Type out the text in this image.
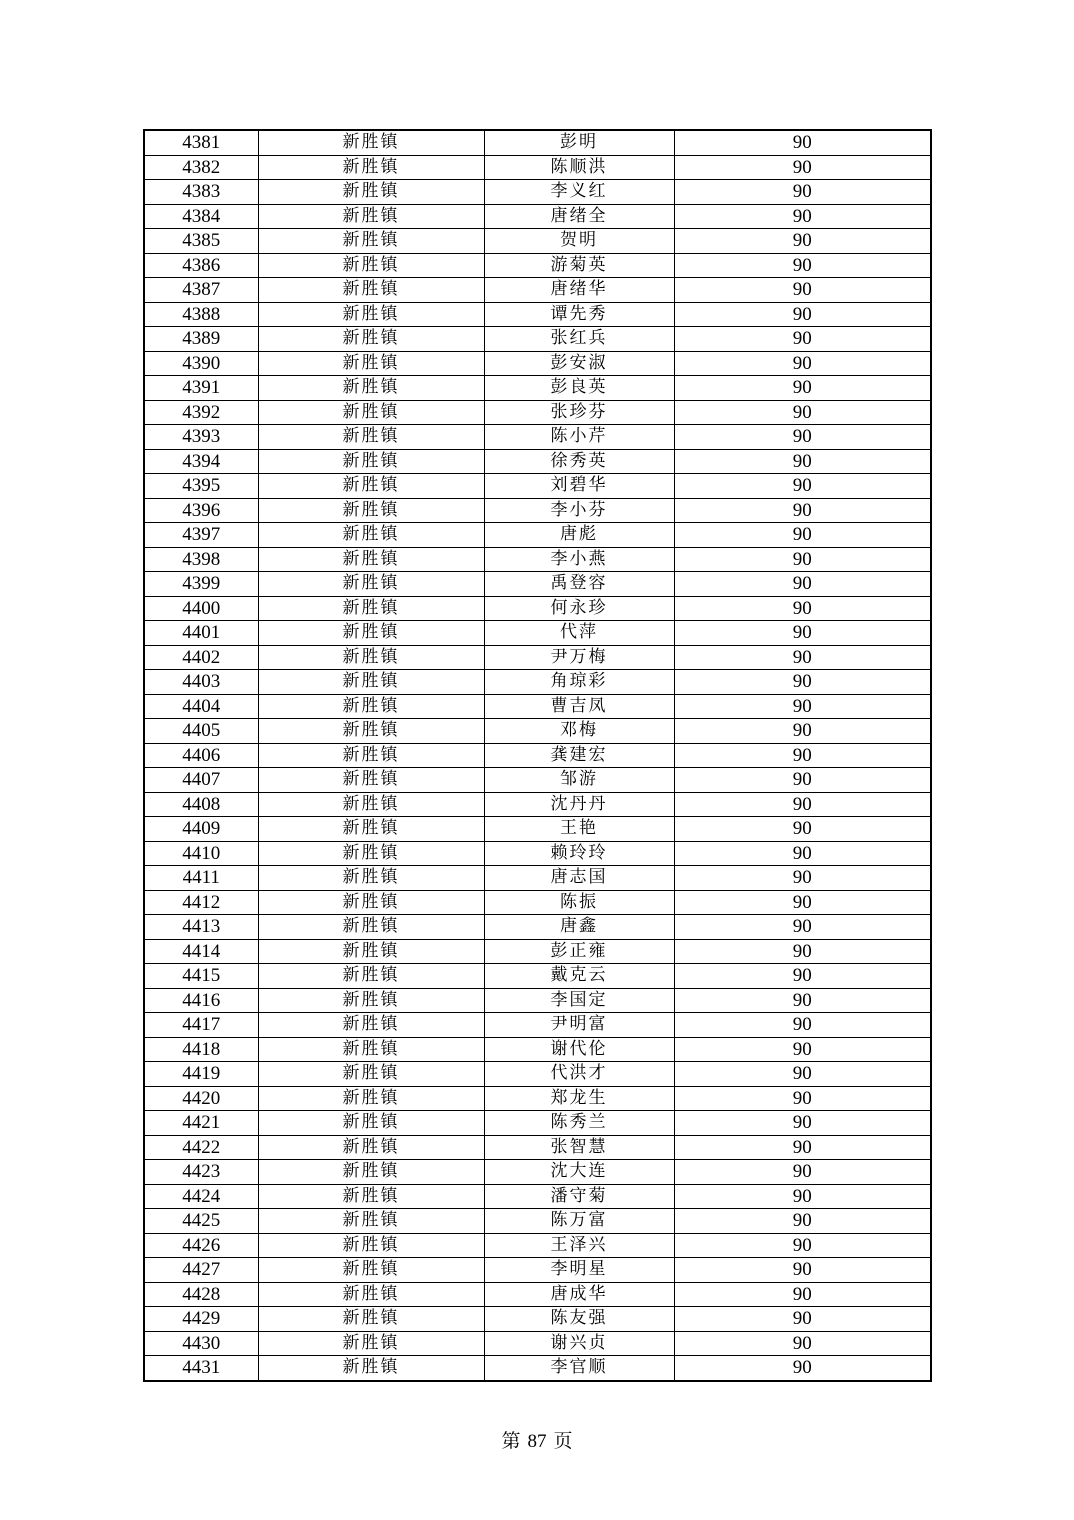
4381	新胜镇	彭明	90
4382	新胜镇	陈顺洪	90
4383	新胜镇	李义红	90
4384	新胜镇	唐绪全	90
4385	新胜镇	贺明	90
4386	新胜镇	游菊英	90
4387	新胜镇	唐绪华	90
4388	新胜镇	谭先秀	90
4389	新胜镇	张红兵	90
4390	新胜镇	彭安淑	90
4391	新胜镇	彭良英	90
4392	新胜镇	张珍芬	90
4393	新胜镇	陈小芹	90
4394	新胜镇	徐秀英	90
4395	新胜镇	刘碧华	90
4396	新胜镇	李小芬	90
4397	新胜镇	唐彪	90
4398	新胜镇	李小燕	90
4399	新胜镇	禹登容	90
4400	新胜镇	何永珍	90
4401	新胜镇	代萍	90
4402	新胜镇	尹万梅	90
4403	新胜镇	角琼彩	90
4404	新胜镇	曹吉凤	90
4405	新胜镇	邓梅	90
4406	新胜镇	龚建宏	90
4407	新胜镇	邹游	90
4408	新胜镇	沈丹丹	90
4409	新胜镇	王艳	90
4410	新胜镇	赖玲玲	90
4411	新胜镇	唐志国	90
4412	新胜镇	陈振	90
4413	新胜镇	唐鑫	90
4414	新胜镇	彭正雍	90
4415	新胜镇	戴克云	90
4416	新胜镇	李国定	90
4417	新胜镇	尹明富	90
4418	新胜镇	谢代伦	90
4419	新胜镇	代洪才	90
4420	新胜镇	郑龙生	90
4421	新胜镇	陈秀兰	90
4422	新胜镇	张智慧	90
4423	新胜镇	沈大连	90
4424	新胜镇	潘守菊	90
4425	新胜镇	陈万富	90
4426	新胜镇	王泽兴	90
4427	新胜镇	李明星	90
4428	新胜镇	唐成华	90
4429	新胜镇	陈友强	90
4430	新胜镇	谢兴贞	90
4431	新胜镇	李官顺	90
第 87 页
